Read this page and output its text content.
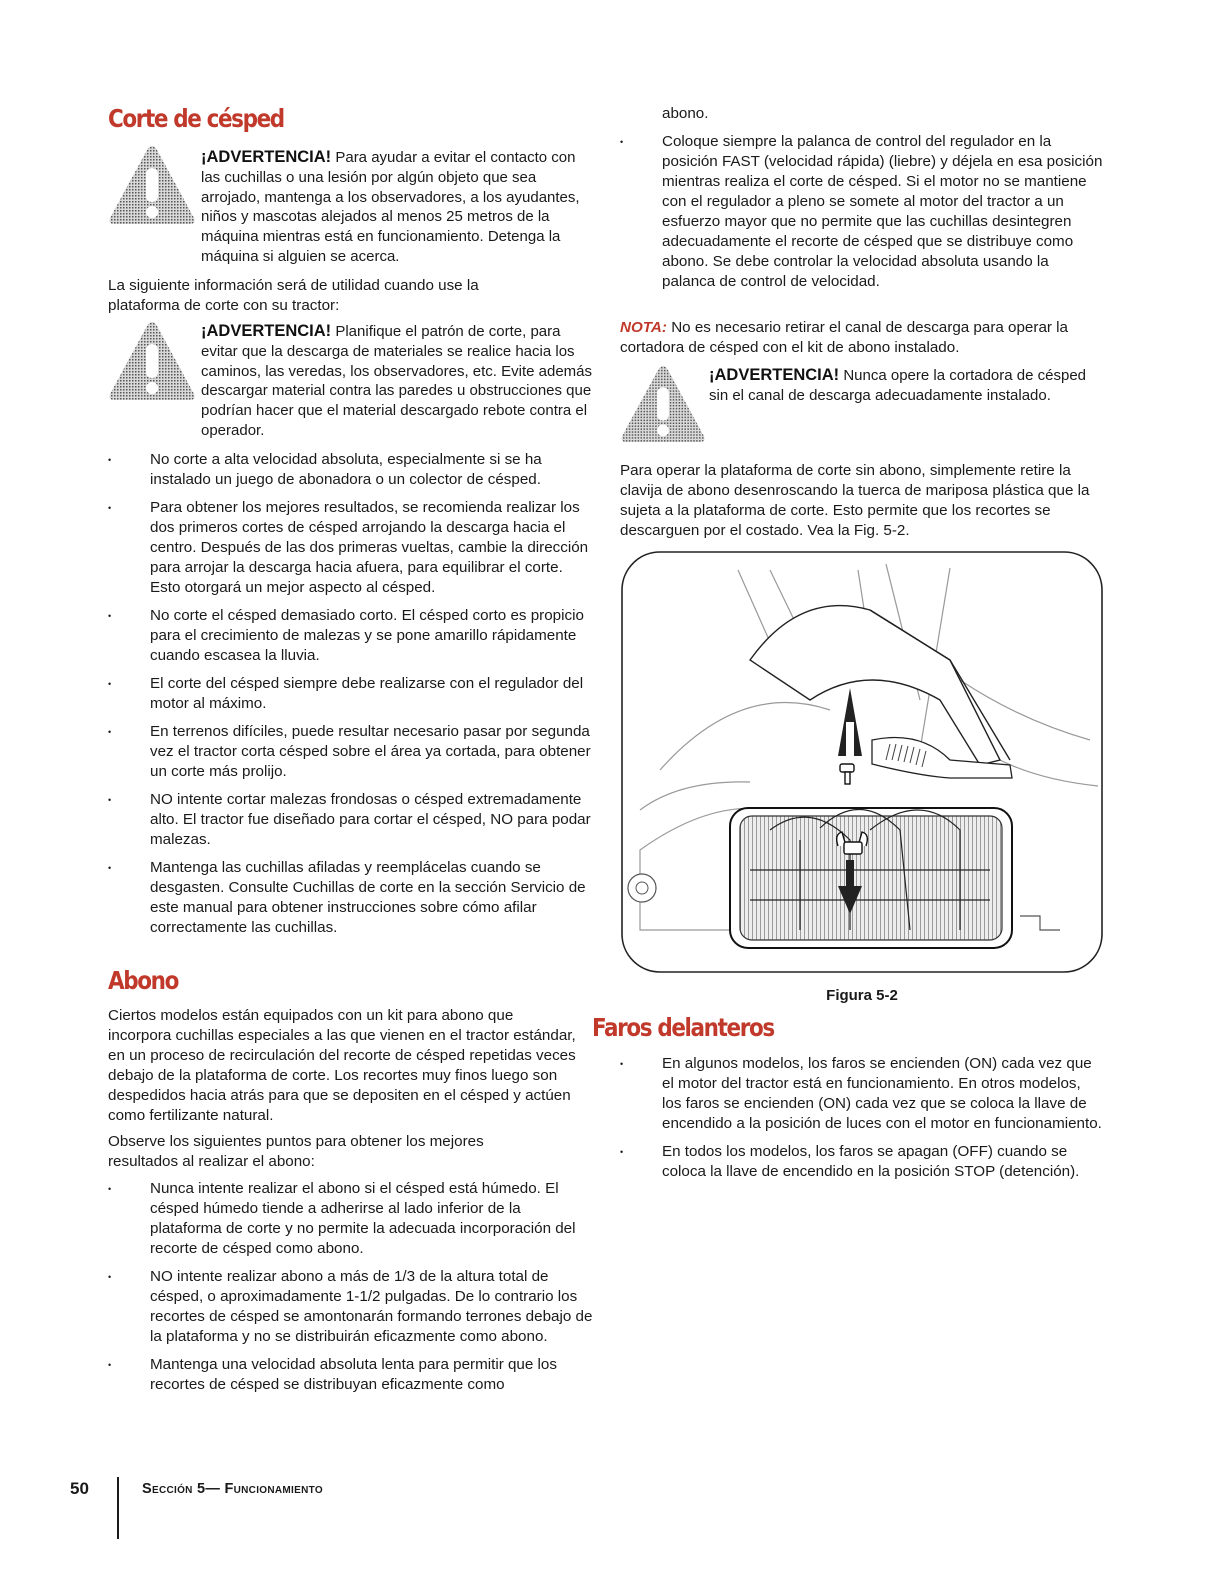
Corte de césped
¡ADVERTENCIA! Para ayudar a evitar el contacto con las cuchillas o una lesión por algún objeto que sea arrojado, mantenga a los observadores, a los ayudantes, niños y mascotas alejados al menos 25 metros de la máquina mientras está en funcionamiento. Detenga la máquina si alguien se acerca.

La siguiente información será de utilidad cuando use la plataforma de corte con su tractor:

¡ADVERTENCIA! Planifique el patrón de corte, para evitar que la descarga de materiales se realice hacia los caminos, las veredas, los observadores, etc. Evite además descargar material contra las paredes u obstrucciones que podrían hacer que el material descargado rebote contra el operador.
• No corte a alta velocidad absoluta, especialmente si se ha instalado un juego de abonadora o un colector de césped.
• Para obtener los mejores resultados, se recomienda realizar los dos primeros cortes de césped arrojando la descarga hacia el centro. Después de las dos primeras vueltas, cambie la dirección para arrojar la descarga hacia afuera, para equilibrar el corte. Esto otorgará un mejor aspecto al césped.
• No corte el césped demasiado corto. El césped corto es propicio para el crecimiento de malezas y se pone amarillo rápidamente cuando escasea la lluvia.
• El corte del césped siempre debe realizarse con el regulador del motor al máximo.
• En terrenos difíciles, puede resultar necesario pasar por segunda vez el tractor corta césped sobre el área ya cortada, para obtener un corte más prolijo.
• NO intente cortar malezas frondosas o césped extremadamente alto. El tractor fue diseñado para cortar el césped, NO para podar malezas.
• Mantenga las cuchillas afiladas y reemplácelas cuando se desgasten. Consulte Cuchillas de corte en la sección Servicio de este manual para obtener instrucciones sobre cómo afilar correctamente las cuchillas.
Abono

Ciertos modelos están equipados con un kit para abono que incorpora cuchillas especiales a las que vienen en el tractor estándar, en un proceso de recirculación del recorte de césped repetidas veces debajo de la plataforma de corte. Los recortes muy finos luego son despedidos hacia atrás para que se depositen en el césped y actúen como fertilizante natural.

Observe los siguientes puntos para obtener los mejores resultados al realizar el abono:

• Nunca intente realizar el abono si el césped está húmedo. El césped húmedo tiende a adherirse al lado inferior de la plataforma de corte y no permite la adecuada incorporación del recorte de césped como abono.
• NO intente realizar abono a más de 1/3 de la altura total de césped, o aproximadamente 1-1/2 pulgadas. De lo contrario los recortes de césped se amontonarán formando terrones debajo de la plataforma y no se distribuirán eficazmente como abono.
• Mantenga una velocidad absoluta lenta para permitir que los recortes de césped se distribuyan eficazmente como

abono.

• Coloque siempre la palanca de control del regulador en la posición FAST (velocidad rápida) (liebre) y déjela en esa posición mientras realiza el corte de césped. Si el motor no se mantiene con el regulador a pleno se somete al motor del tractor a un esfuerzo mayor que no permite que las cuchillas desintegren adecuadamente el recorte de césped que se distribuye como abono. Se debe controlar la velocidad absoluta usando la palanca de control de velocidad.

NOTA: No es necesario retirar el canal de descarga para operar la cortadora de césped con el kit de abono instalado.

¡ADVERTENCIA! Nunca opere la cortadora de césped sin el canal de descarga adecuadamente instalado.

Para operar la plataforma de corte sin abono, simplemente retire la clavija de abono desenroscando la tuerca de mariposa plástica que la sujeta a la plataforma de corte. Esto permite que los recortes se descarguen por el costado. Vea la Fig. 5-2.

Figura 5-2
Faros delanteros
• En algunos modelos, los faros se encienden (ON) cada vez que el motor del tractor está en funcionamiento. En otros modelos, los faros se encienden (ON) cada vez que se coloca la llave de encendido a la posición de luces con el motor en funcionamiento.
• En todos los modelos, los faros se apagan (OFF) cuando se coloca la llave de encendido en la posición STOP (detención).
50	Sección 5— Funcionamiento
